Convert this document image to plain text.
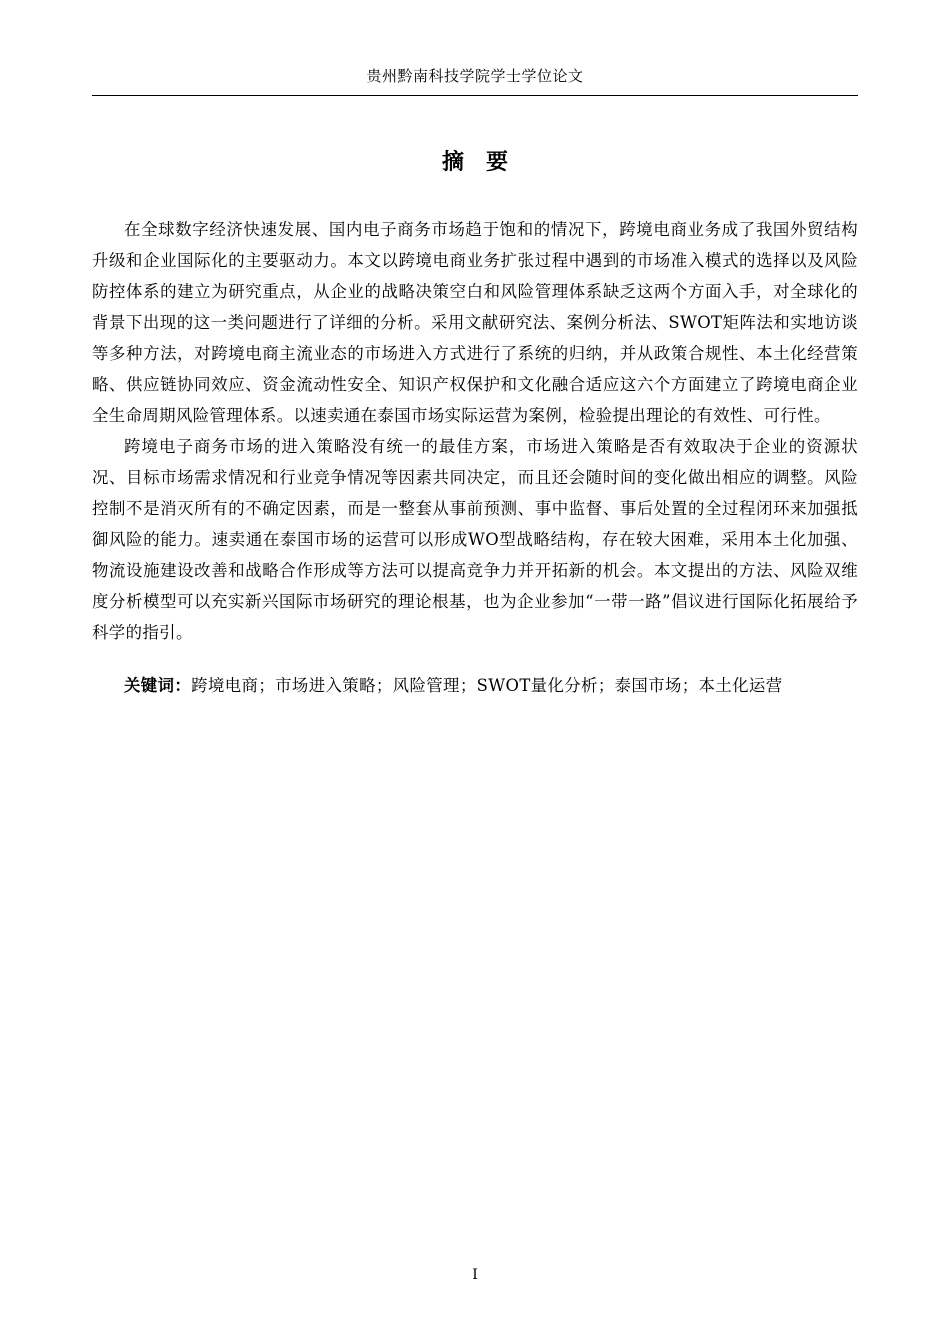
贵州黔南科技学院学士学位论文
摘 要

在全球数字经济快速发展、国内电子商务市场趋于饱和的情况下，跨境电商业务成了我国外贸结构升级和企业国际化的主要驱动力。本文以跨境电商业务扩张过程中遇到的市场准入模式的选择以及风险防控体系的建立为研究重点，从企业的战略决策空白和风险管理体系缺乏这两个方面入手，对全球化的背景下出现的这一类问题进行了详细的分析。采用文献研究法、案例分析法、SWOT矩阵法和实地访谈等多种方法，对跨境电商主流业态的市场进入方式进行了系统的归纳，并从政策合规性、本土化经营策略、供应链协同效应、资金流动性安全、知识产权保护和文化融合适应这六个方面建立了跨境电商企业全生命周期风险管理体系。以速卖通在泰国市场实际运营为案例，检验提出理论的有效性、可行性。

跨境电子商务市场的进入策略没有统一的最佳方案，市场进入策略是否有效取决于企业的资源状况、目标市场需求情况和行业竞争情况等因素共同决定，而且还会随时间的变化做出相应的调整。风险控制不是消灭所有的不确定因素，而是一整套从事前预测、事中监督、事后处置的全过程闭环来加强抵御风险的能力。速卖通在泰国市场的运营可以形成WO型战略结构，存在较大困难，采用本土化加强、物流设施建设改善和战略合作形成等方法可以提高竞争力并开拓新的机会。本文提出的方法、风险双维度分析模型可以充实新兴国际市场研究的理论根基，也为企业参加“一带一路”倡议进行国际化拓展给予科学的指引。

关键词：跨境电商；市场进入策略；风险管理；SWOT量化分析；泰国市场；本土化运营

I
